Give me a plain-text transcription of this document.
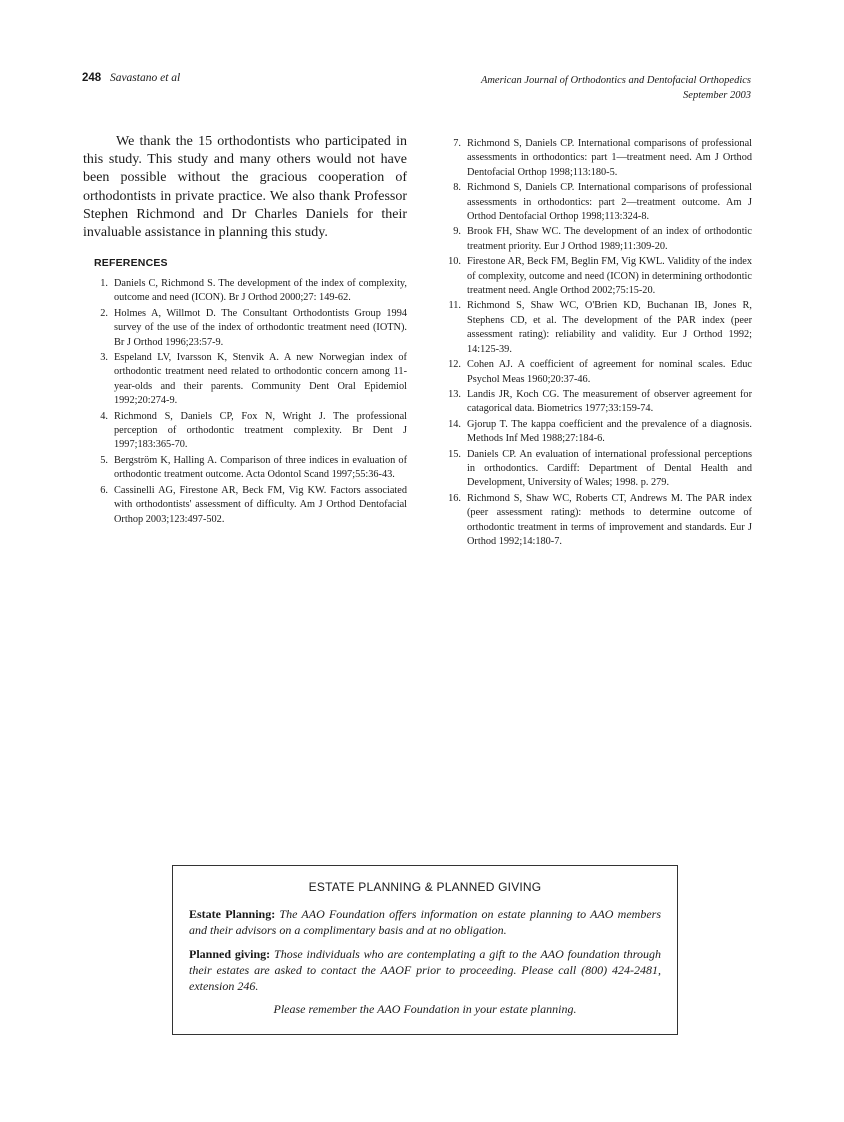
248 Savastano et al	American Journal of Orthodontics and Dentofacial Orthopedics
September 2003

We thank the 15 orthodontists who participated in this study. This study and many others would not have been possible without the gracious cooperation of orthodontists in private practice. We also thank Professor Stephen Richmond and Dr Charles Daniels for their invaluable assistance in planning this study.

REFERENCES
1. Daniels C, Richmond S. The development of the index of complexity, outcome and need (ICON). Br J Orthod 2000;27: 149-62.
2. Holmes A, Willmot D. The Consultant Orthodontists Group 1994 survey of the use of the index of orthodontic treatment need (IOTN). Br J Orthod 1996;23:57-9.
3. Espeland LV, Ivarsson K, Stenvik A. A new Norwegian index of orthodontic treatment need related to orthodontic concern among 11-year-olds and their parents. Community Dent Oral Epidemiol 1992;20:274-9.
4. Richmond S, Daniels CP, Fox N, Wright J. The professional perception of orthodontic treatment complexity. Br Dent J 1997;183:365-70.
5. Bergström K, Halling A. Comparison of three indices in evaluation of orthodontic treatment outcome. Acta Odontol Scand 1997;55:36-43.
6. Cassinelli AG, Firestone AR, Beck FM, Vig KW. Factors associated with orthodontists' assessment of difficulty. Am J Orthod Dentofacial Orthop 2003;123:497-502.
7. Richmond S, Daniels CP. International comparisons of professional assessments in orthodontics: part 1—treatment need. Am J Orthod Dentofacial Orthop 1998;113:180-5.
8. Richmond S, Daniels CP. International comparisons of professional assessments in orthodontics: part 2—treatment outcome. Am J Orthod Dentofacial Orthop 1998;113:324-8.
9. Brook FH, Shaw WC. The development of an index of orthodontic treatment priority. Eur J Orthod 1989;11:309-20.
10. Firestone AR, Beck FM, Beglin FM, Vig KWL. Validity of the index of complexity, outcome and need (ICON) in determining orthodontic treatment need. Angle Orthod 2002;75:15-20.
11. Richmond S, Shaw WC, O'Brien KD, Buchanan IB, Jones R, Stephens CD, et al. The development of the PAR index (peer assessment rating): reliability and validity. Eur J Orthod 1992; 14:125-39.
12. Cohen AJ. A coefficient of agreement for nominal scales. Educ Psychol Meas 1960;20:37-46.
13. Landis JR, Koch CG. The measurement of observer agreement for catagorical data. Biometrics 1977;33:159-74.
14. Gjorup T. The kappa coefficient and the prevalence of a diagnosis. Methods Inf Med 1988;27:184-6.
15. Daniels CP. An evaluation of international professional perceptions in orthodontics. Cardiff: Department of Dental Health and Development, University of Wales; 1998. p. 279.
16. Richmond S, Shaw WC, Roberts CT, Andrews M. The PAR index (peer assessment rating): methods to determine outcome of orthodontic treatment in terms of improvement and standards. Eur J Orthod 1992;14:180-7.
ESTATE PLANNING & PLANNED GIVING

Estate Planning: The AAO Foundation offers information on estate planning to AAO members and their advisors on a complimentary basis and at no obligation.

Planned giving: Those individuals who are contemplating a gift to the AAO foundation through their estates are asked to contact the AAOF prior to proceeding. Please call (800) 424-2481, extension 246.

Please remember the AAO Foundation in your estate planning.
